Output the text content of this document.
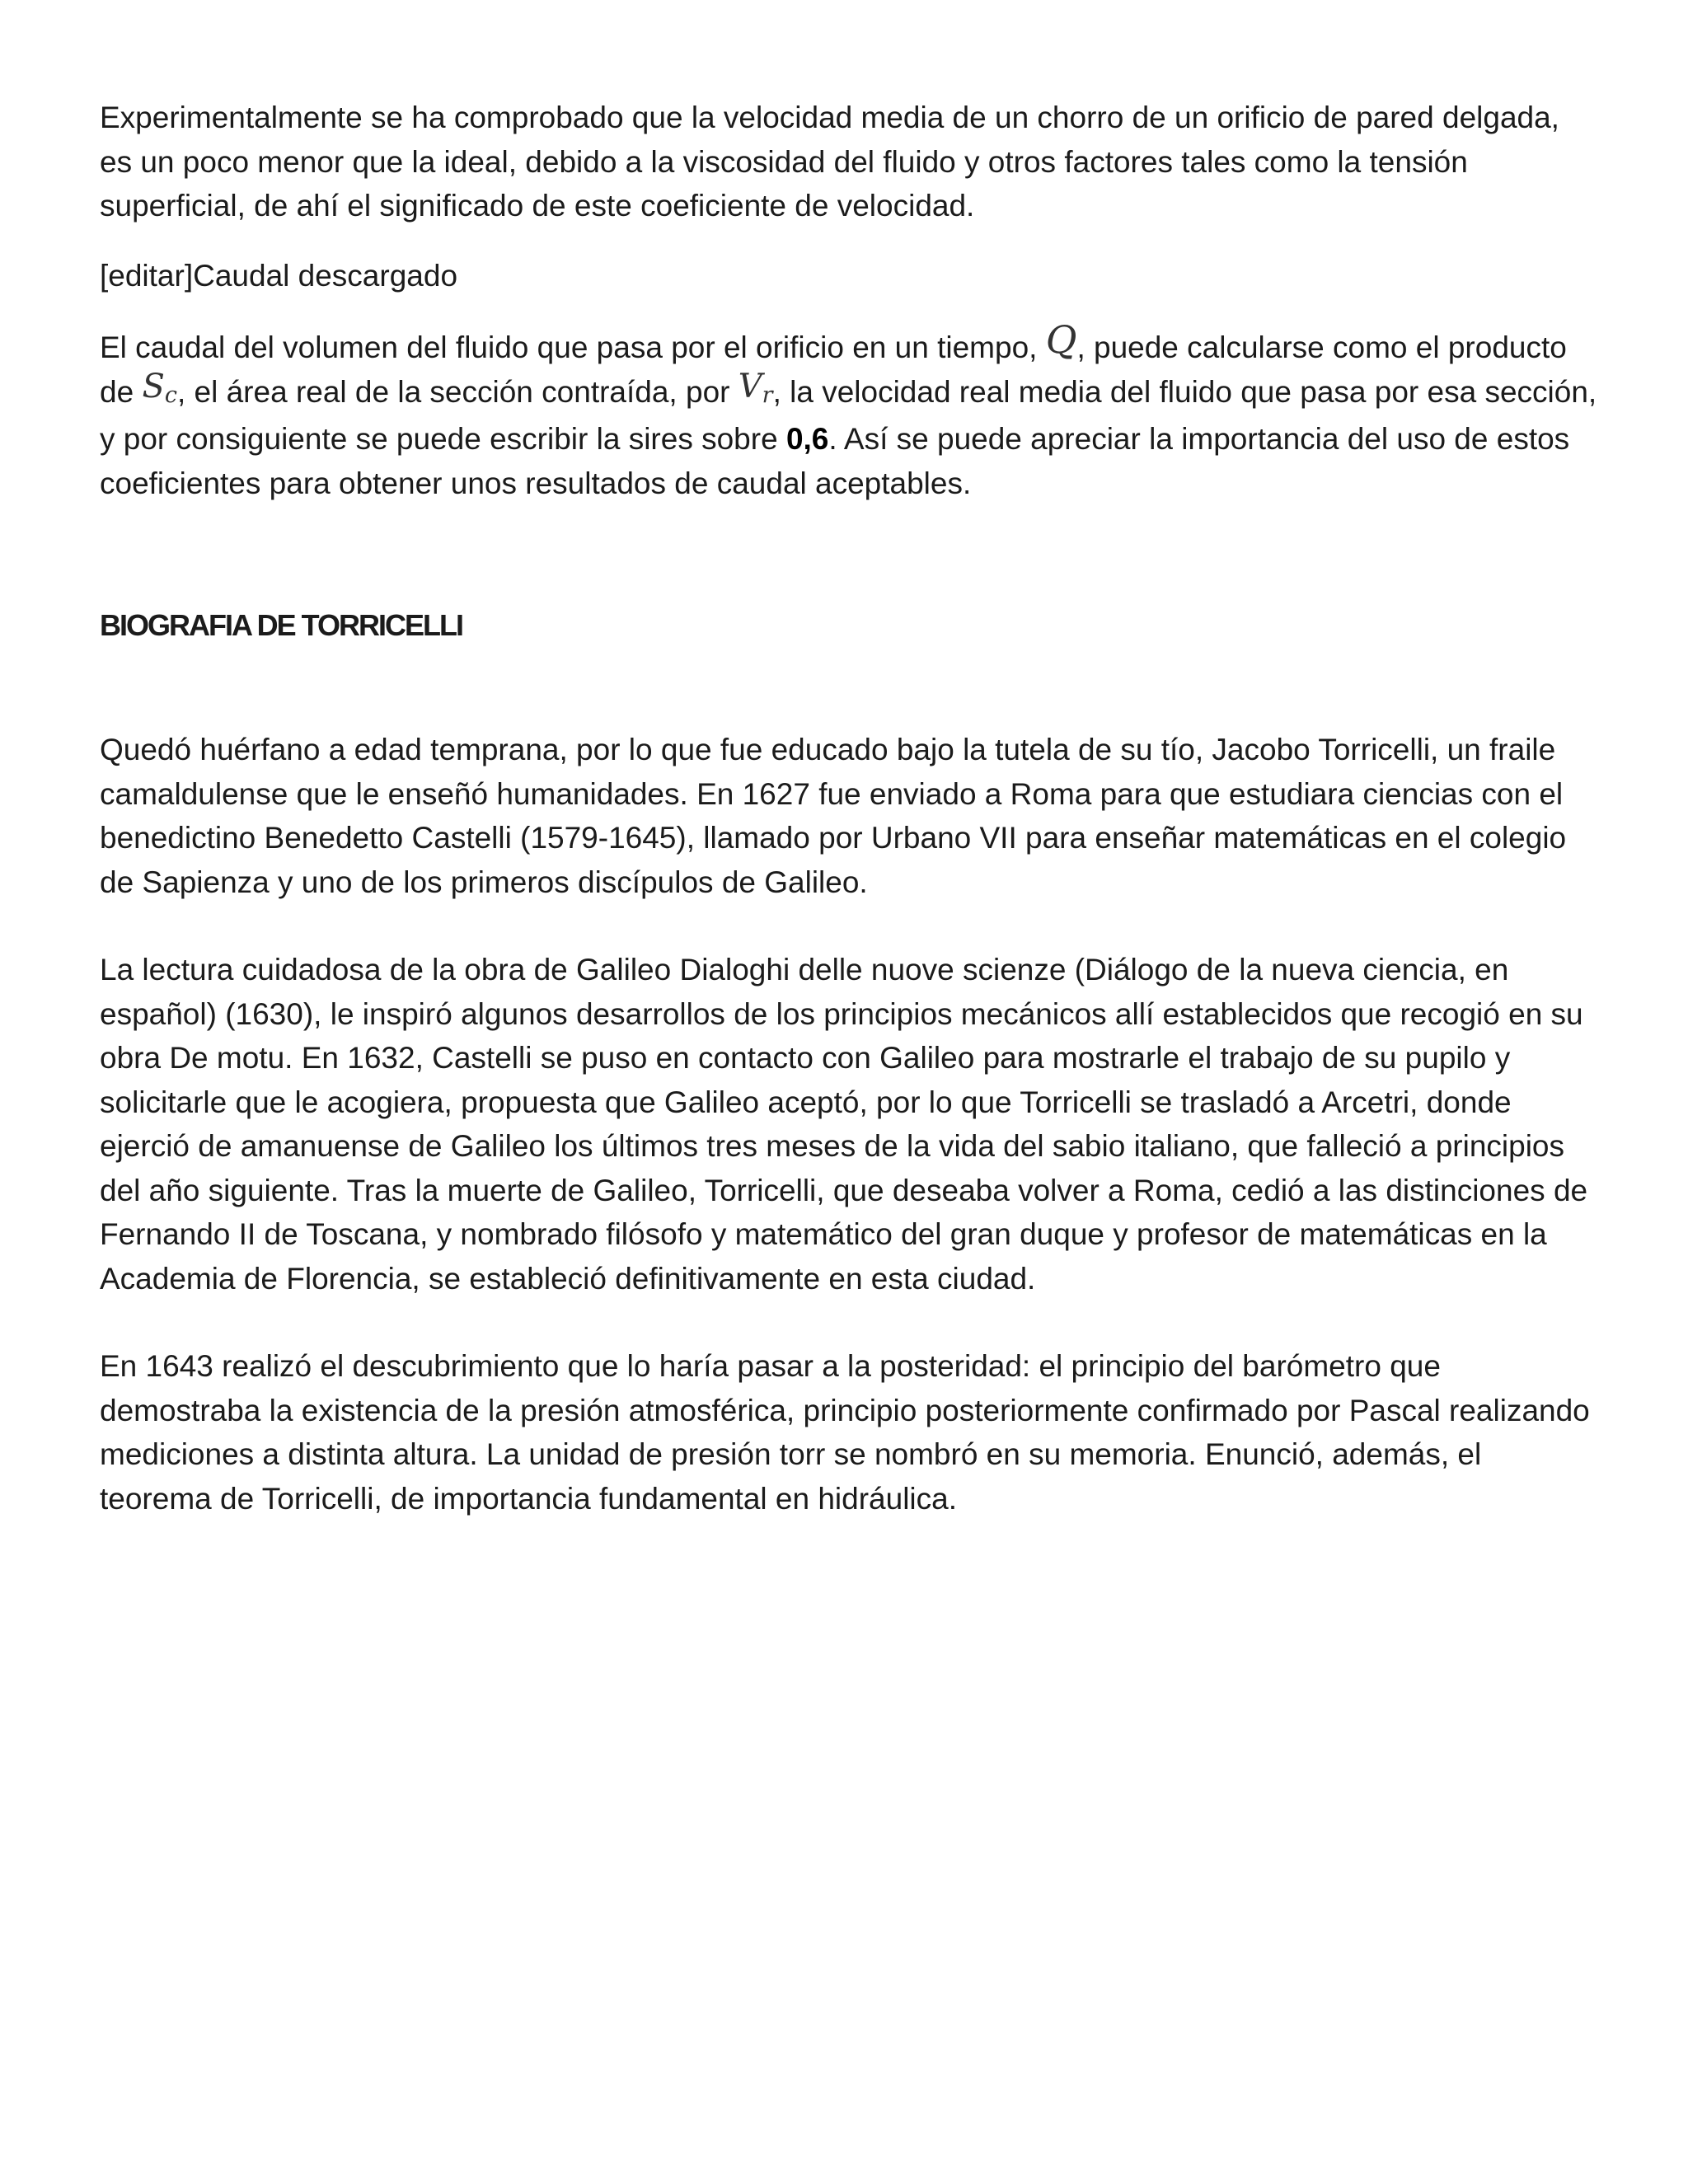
Experimentalmente se ha comprobado que la velocidad media de un chorro de un orificio de pared delgada, es un poco menor que la ideal, debido a la viscosidad del fluido y otros factores tales como la tensión superficial, de ahí el significado de este coeficiente de velocidad.

[editar]Caudal descargado

El caudal del volumen del fluido que pasa por el orificio en un tiempo, Q, puede calcularse como el producto de Sc, el área real de la sección contraída, por Vr, la velocidad real media del fluido que pasa por esa sección, y por consiguiente se puede escribir la sires sobre 0,6. Así se puede apreciar la importancia del uso de estos coeficientes para obtener unos resultados de caudal aceptables.

BIOGRAFIA DE TORRICELLI

Quedó huérfano a edad temprana, por lo que fue educado bajo la tutela de su tío, Jacobo Torricelli, un fraile camaldulense que le enseñó humanidades. En 1627 fue enviado a Roma para que estudiara ciencias con el benedictino Benedetto Castelli (1579-1645), llamado por Urbano VII para enseñar matemáticas en el colegio de Sapienza y uno de los primeros discípulos de Galileo.

La lectura cuidadosa de la obra de Galileo Dialoghi delle nuove scienze (Diálogo de la nueva ciencia, en español) (1630), le inspiró algunos desarrollos de los principios mecánicos allí establecidos que recogió en su obra De motu. En 1632, Castelli se puso en contacto con Galileo para mostrarle el trabajo de su pupilo y solicitarle que le acogiera, propuesta que Galileo aceptó, por lo que Torricelli se trasladó a Arcetri, donde ejerció de amanuense de Galileo los últimos tres meses de la vida del sabio italiano, que falleció a principios del año siguiente. Tras la muerte de Galileo, Torricelli, que deseaba volver a Roma, cedió a las distinciones de Fernando II de Toscana, y nombrado filósofo y matemático del gran duque y profesor de matemáticas en la Academia de Florencia, se estableció definitivamente en esta ciudad.

En 1643 realizó el descubrimiento que lo haría pasar a la posteridad: el principio del barómetro que demostraba la existencia de la presión atmosférica, principio posteriormente confirmado por Pascal realizando mediciones a distinta altura. La unidad de presión torr se nombró en su memoria. Enunció, además, el teorema de Torricelli, de importancia fundamental en hidráulica.
